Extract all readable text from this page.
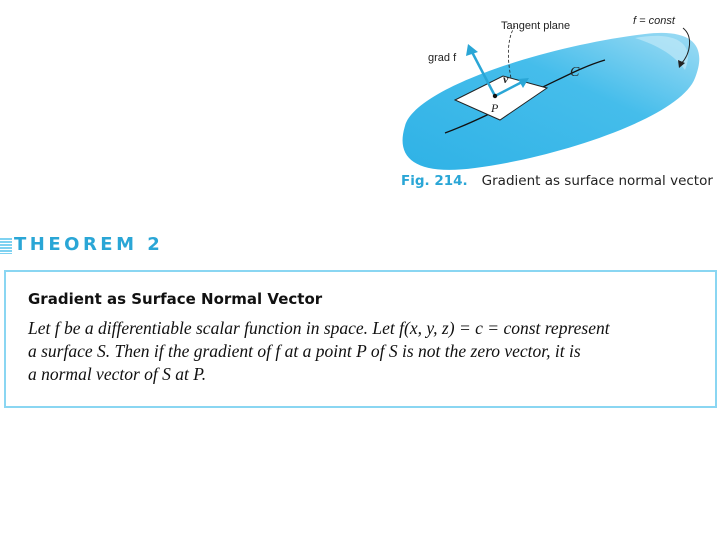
Tangent plane	f = const
grad f
v	C
P
Fig. 214. Gradient as surface normal vector
THEOREM 2
Gradient as Surface Normal Vector
Let f be a differentiable scalar function in space. Let f(x, y, z) = c = const represent
a surface S. Then if the gradient of f at a point P of S is not the zero vector, it is
a normal vector of S at P.
